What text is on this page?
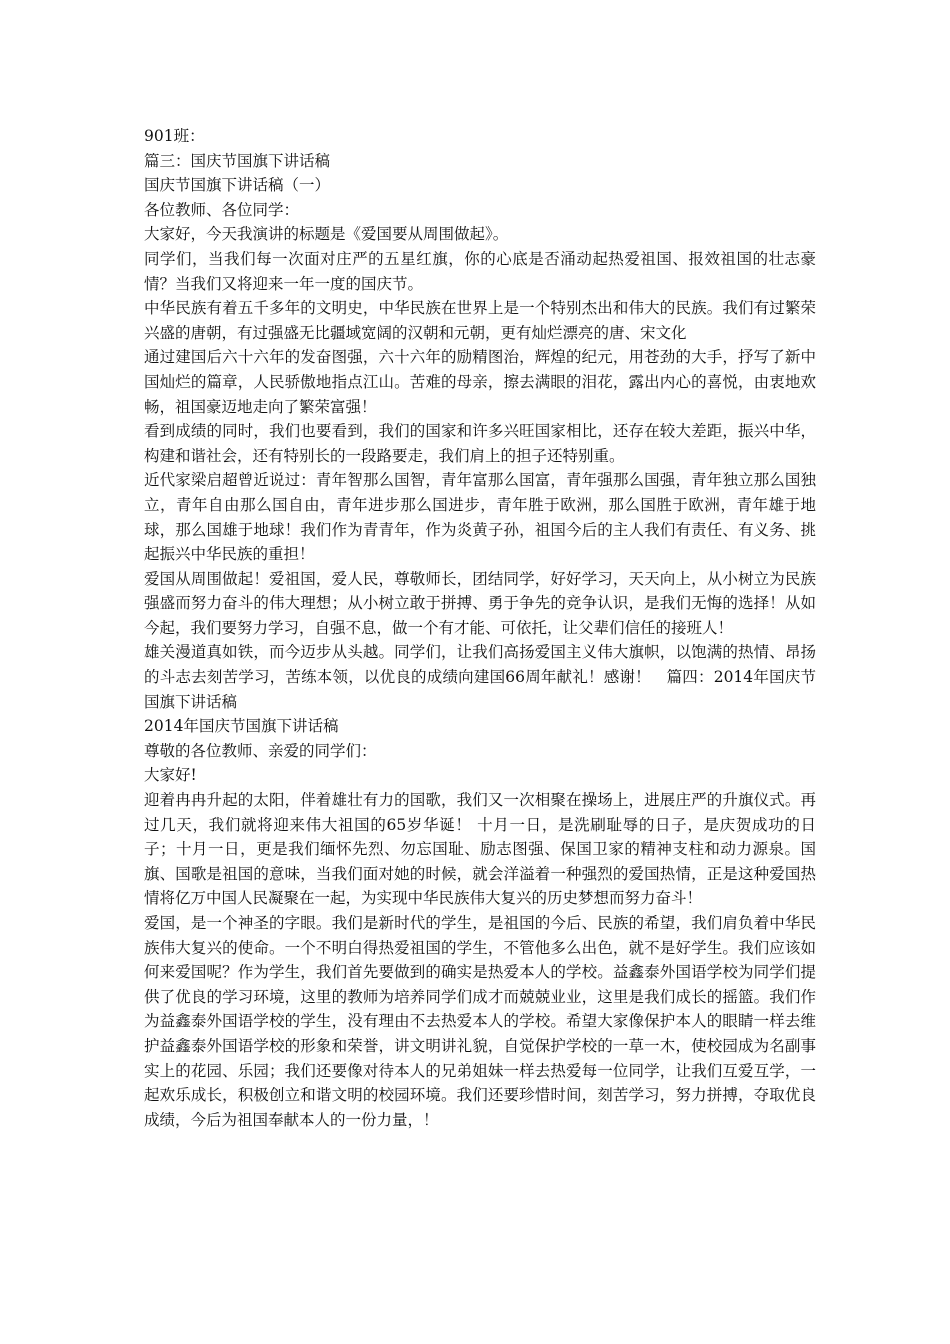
901班：

篇三：国庆节国旗下讲话稿

国庆节国旗下讲话稿（一）

各位教师、各位同学：

大家好，今天我演讲的标题是《爱国要从周围做起》。

同学们，当我们每一次面对庄严的五星红旗，你的心底是否涌动起热爱祖国、报效祖国的壮志豪情？当我们又将迎来一年一度的国庆节。

中华民族有着五千多年的文明史，中华民族在世界上是一个特别杰出和伟大的民族。我们有过繁荣兴盛的唐朝，有过强盛无比疆域宽阔的汉朝和元朝，更有灿烂漂亮的唐、宋文化

通过建国后六十六年的发奋图强，六十六年的励精图治，辉煌的纪元，用苍劲的大手，抒写了新中国灿烂的篇章，人民骄傲地指点江山。苦难的母亲，擦去满眼的泪花，露出内心的喜悦，由衷地欢畅，祖国豪迈地走向了繁荣富强！

看到成绩的同时，我们也要看到，我们的国家和许多兴旺国家相比，还存在较大差距，振兴中华，构建和谐社会，还有特别长的一段路要走，我们肩上的担子还特别重。

近代家梁启超曾近说过：青年智那么国智，青年富那么国富，青年强那么国强，青年独立那么国独立，青年自由那么国自由，青年进步那么国进步，青年胜于欧洲，那么国胜于欧洲，青年雄于地球，那么国雄于地球！我们作为青青年，作为炎黄子孙，祖国今后的主人我们有责任、有义务、挑起振兴中华民族的重担！

爱国从周围做起！爱祖国，爱人民，尊敬师长，团结同学，好好学习，天天向上，从小树立为民族强盛而努力奋斗的伟大理想；从小树立敢于拼搏、勇于争先的竞争认识，是我们无悔的选择！从如今起，我们要努力学习，自强不息，做一个有才能、可依托，让父辈们信任的接班人！

雄关漫道真如铁，而今迈步从头越。同学们，让我们高扬爱国主义伟大旗帜，以饱满的热情、昂扬的斗志去刻苦学习，苦练本领，以优良的成绩向建国66周年献礼！感谢！　篇四：2014年国庆节国旗下讲话稿

2014年国庆节国旗下讲话稿

尊敬的各位教师、亲爱的同学们：

大家好!

迎着冉冉升起的太阳，伴着雄壮有力的国歌，我们又一次相聚在操场上，进展庄严的升旗仪式。再过几天，我们就将迎来伟大祖国的65岁华诞！ 十月一日，是洗刷耻辱的日子，是庆贺成功的日子；十月一日，更是我们缅怀先烈、勿忘国耻、励志图强、保国卫家的精神支柱和动力源泉。国旗、国歌是祖国的意味，当我们面对她的时候，就会洋溢着一种强烈的爱国热情，正是这种爱国热情将亿万中国人民凝聚在一起，为实现中华民族伟大复兴的历史梦想而努力奋斗！

爱国，是一个神圣的字眼。我们是新时代的学生，是祖国的今后、民族的希望，我们肩负着中华民族伟大复兴的使命。一个不明白得热爱祖国的学生，不管他多么出色，就不是好学生。我们应该如何来爱国呢？作为学生，我们首先要做到的确实是热爱本人的学校。益鑫泰外国语学校为同学们提供了优良的学习环境，这里的教师为培养同学们成才而兢兢业业，这里是我们成长的摇篮。我们作为益鑫泰外国语学校的学生，没有理由不去热爱本人的学校。希望大家像保护本人的眼睛一样去维护益鑫泰外国语学校的形象和荣誉，讲文明讲礼貌，自觉保护学校的一草一木，使校园成为名副事实上的花园、乐园；我们还要像对待本人的兄弟姐妹一样去热爱每一位同学，让我们互爱互学，一起欢乐成长，积极创立和谐文明的校园环境。我们还要珍惜时间，刻苦学习，努力拼搏，夺取优良成绩，今后为祖国奉献本人的一份力量，！
